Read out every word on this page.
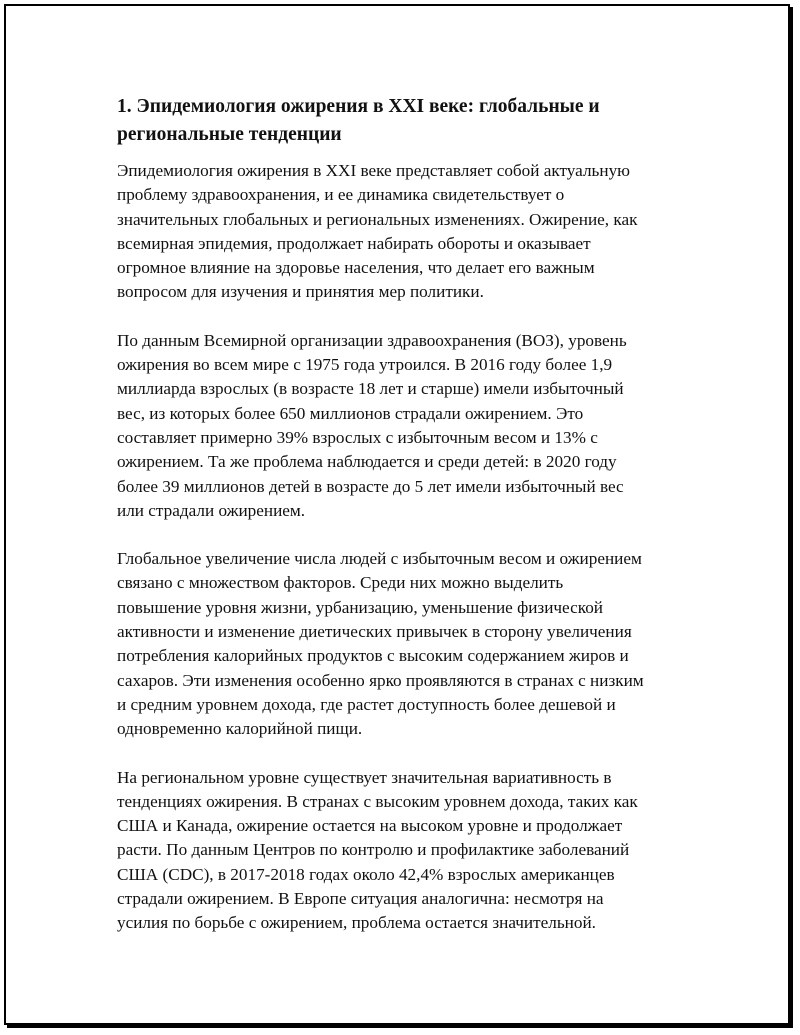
1. Эпидемиология ожирения в XXI веке: глобальные и
региональные тенденции

Эпидемиология ожирения в XXI веке представляет собой актуальную
проблему здравоохранения, и ее динамика свидетельствует о
значительных глобальных и региональных изменениях. Ожирение, как
всемирная эпидемия, продолжает набирать обороты и оказывает
огромное влияние на здоровье населения, что делает его важным
вопросом для изучения и принятия мер политики.

По данным Всемирной организации здравоохранения (ВОЗ), уровень
ожирения во всем мире с 1975 года утроился. В 2016 году более 1,9
миллиарда взрослых (в возрасте 18 лет и старше) имели избыточный
вес, из которых более 650 миллионов страдали ожирением. Это
составляет примерно 39% взрослых с избыточным весом и 13% с
ожирением. Та же проблема наблюдается и среди детей: в 2020 году
более 39 миллионов детей в возрасте до 5 лет имели избыточный вес
или страдали ожирением.

Глобальное увеличение числа людей с избыточным весом и ожирением
связано с множеством факторов. Среди них можно выделить
повышение уровня жизни, урбанизацию, уменьшение физической
активности и изменение диетических привычек в сторону увеличения
потребления калорийных продуктов с высоким содержанием жиров и
сахаров. Эти изменения особенно ярко проявляются в странах с низким
и средним уровнем дохода, где растет доступность более дешевой и
одновременно калорийной пищи.

На региональном уровне существует значительная вариативность в
тенденциях ожирения. В странах с высоким уровнем дохода, таких как
США и Канада, ожирение остается на высоком уровне и продолжает
расти. По данным Центров по контролю и профилактике заболеваний
США (CDC), в 2017-2018 годах около 42,4% взрослых американцев
страдали ожирением. В Европе ситуация аналогична: несмотря на
усилия по борьбе с ожирением, проблема остается значительной.
